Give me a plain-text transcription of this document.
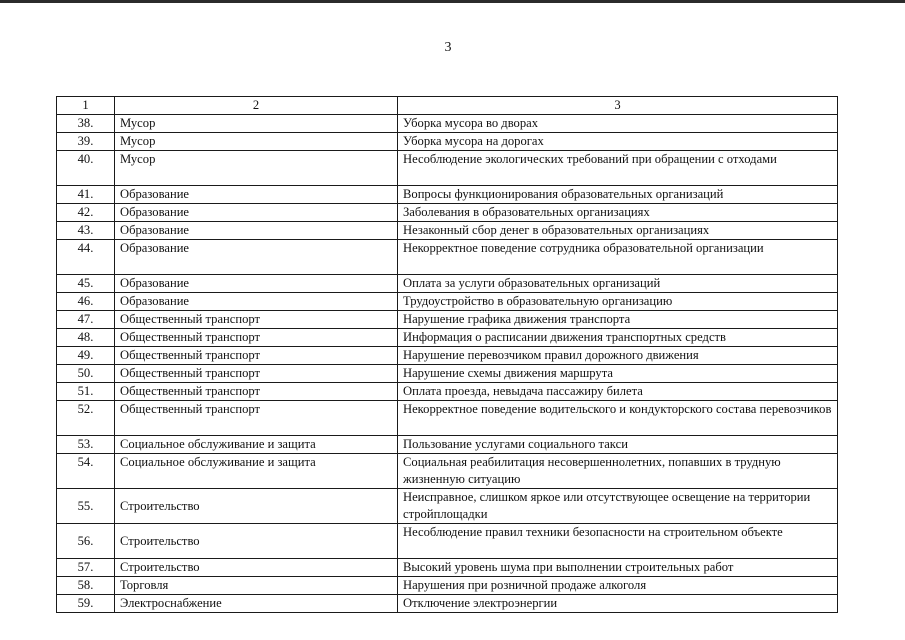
3
1	2	3
38.	Мусор	Уборка мусора во дворах
39.	Мусор	Уборка мусора на дорогах
40.	Мусор	Несоблюдение экологических требований при обращении с отходами
41.	Образование	Вопросы функционирования образовательных организаций
42.	Образование	Заболевания в образовательных организациях
43.	Образование	Незаконный сбор денег в образовательных организациях
44.	Образование	Некорректное поведение сотрудника образовательной организации
45.	Образование	Оплата за услуги образовательных организаций
46.	Образование	Трудоустройство в образовательную организацию
47.	Общественный транспорт	Нарушение графика движения транспорта
48.	Общественный транспорт	Информация о расписании движения транспортных средств
49.	Общественный транспорт	Нарушение перевозчиком правил дорожного движения
50.	Общественный транспорт	Нарушение схемы движения маршрута
51.	Общественный транспорт	Оплата проезда, невыдача пассажиру билета
52.	Общественный транспорт	Некорректное поведение водительского и кондукторского состава перевозчиков
53.	Социальное обслуживание и защита	Пользование услугами социального такси
54.	Социальное обслуживание и защита	Социальная реабилитация несовершеннолетних, попавших в трудную жизненную ситуацию
55.	Строительство	Неисправное, слишком яркое или отсутствующее освещение на территории стройплощадки
56.	Строительство	Несоблюдение правил техники безопасности на строительном объекте
57.	Строительство	Высокий уровень шума при выполнении строительных работ
58.	Торговля	Нарушения при розничной продаже алкоголя
59.	Электроснабжение	Отключение электроэнергии
